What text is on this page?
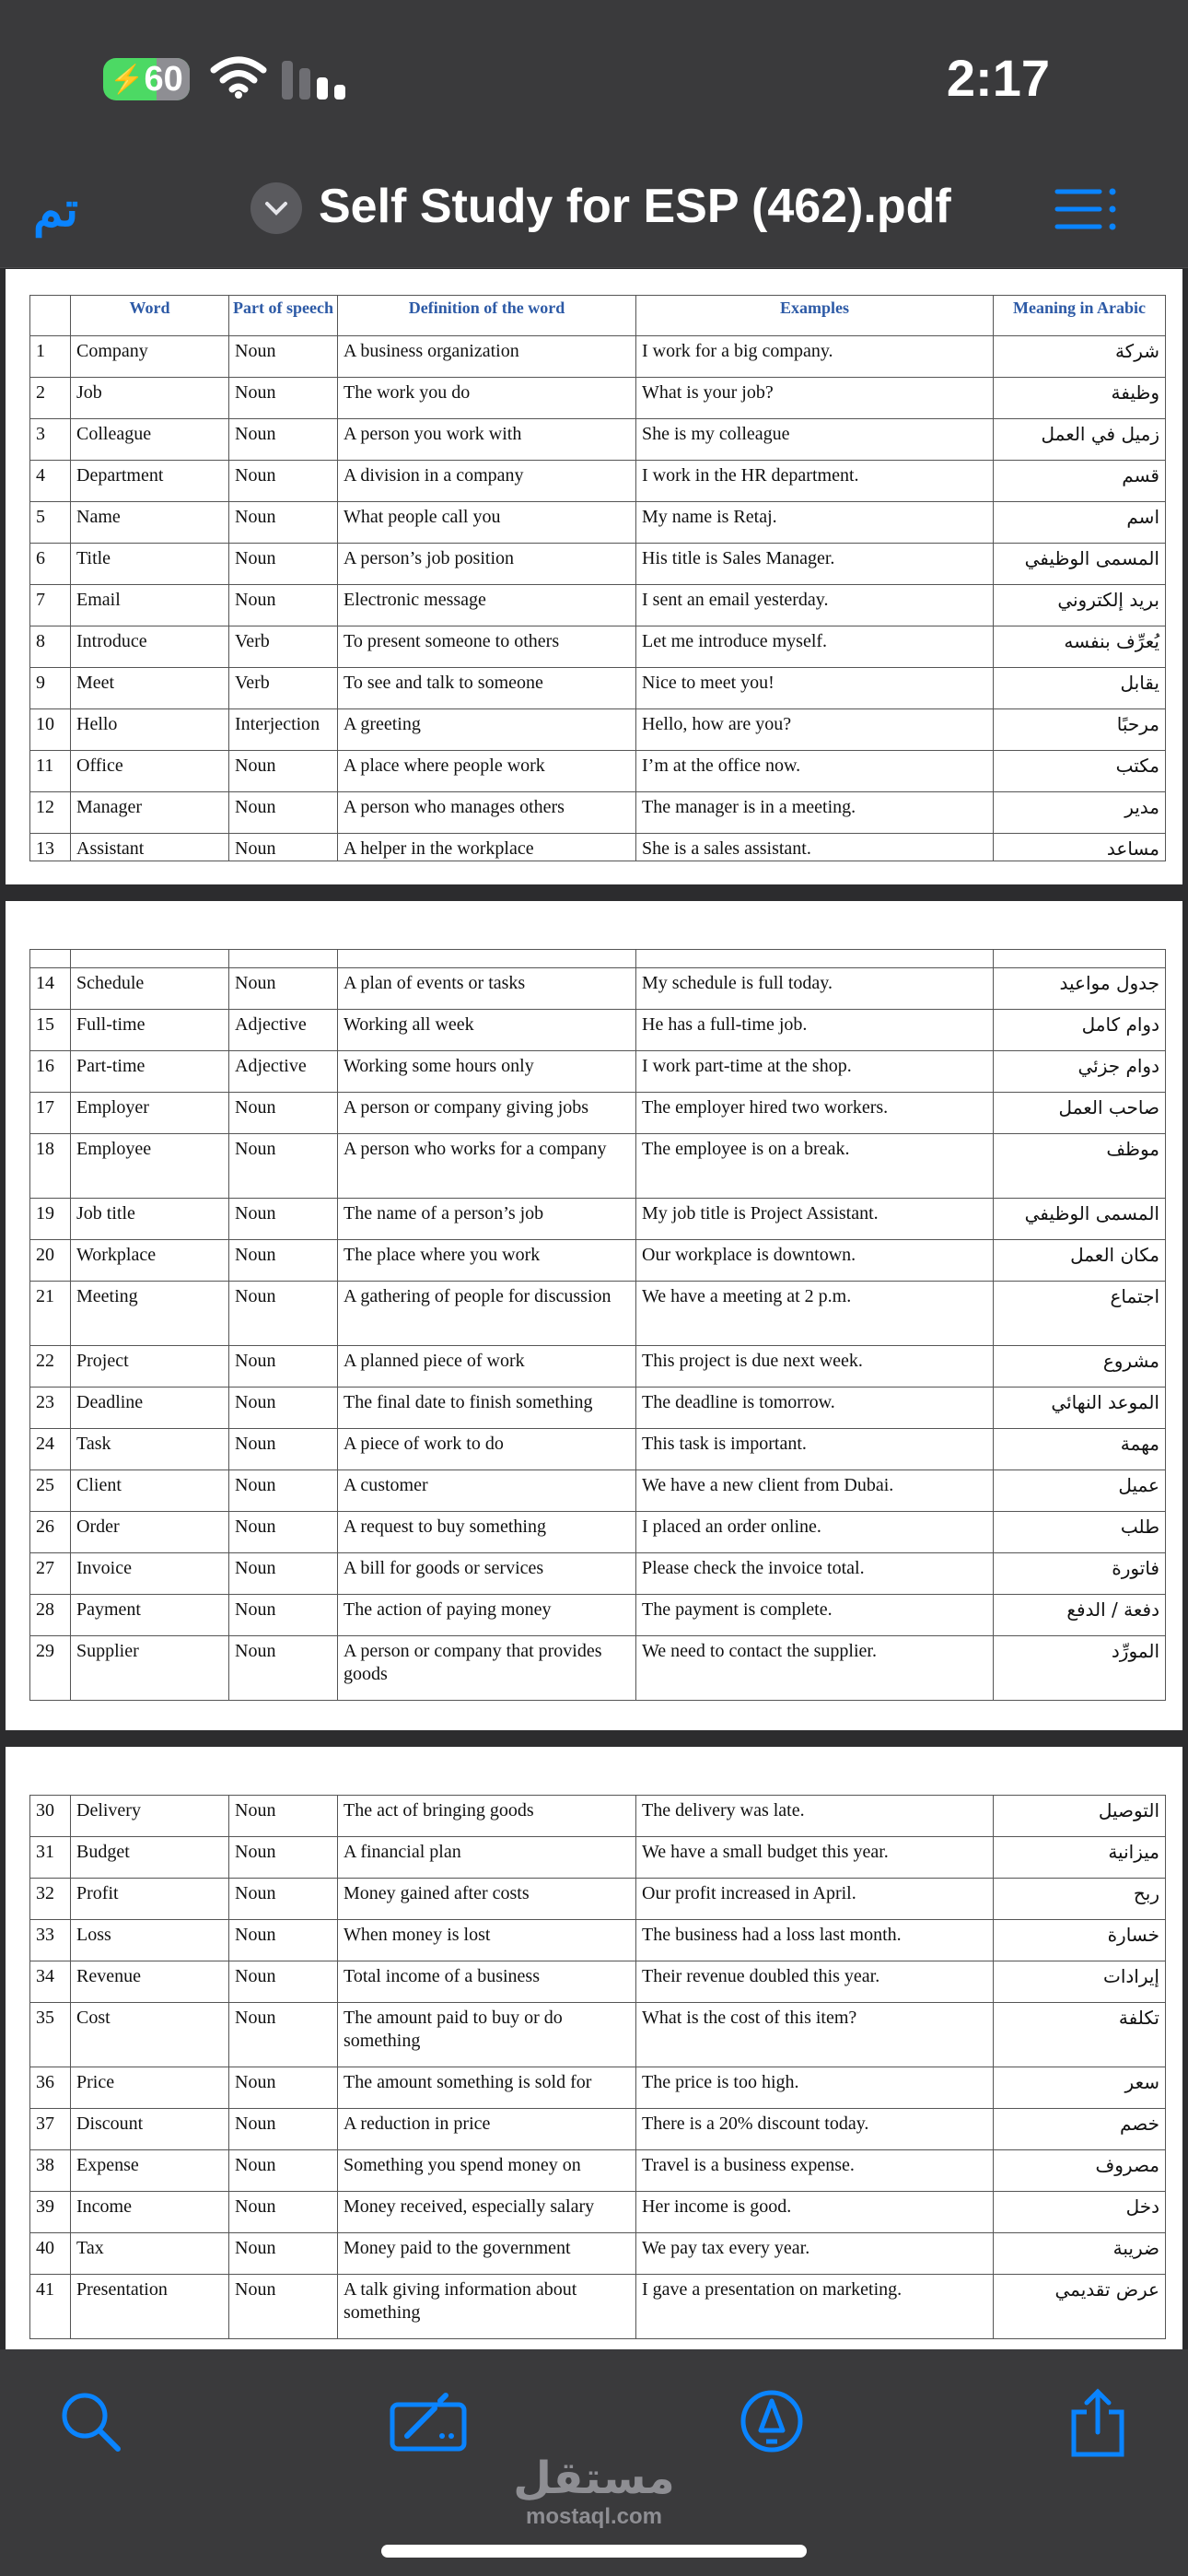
⚡ 60	2:17
تم	Self Study for ESP (462).pdf
	Word	Part of speech	Definition of the word	Examples	Meaning in Arabic
1	Company	Noun	A business organization	I work for a big company.	شركة
2	Job	Noun	The work you do	What is your job?	وظيفة
3	Colleague	Noun	A person you work with	She is my colleague	زميل في العمل
4	Department	Noun	A division in a company	I work in the HR department.	قسم
5	Name	Noun	What people call you	My name is Retaj.	اسم
6	Title	Noun	A person’s job position	His title is Sales Manager.	المسمى الوظيفي
7	Email	Noun	Electronic message	I sent an email yesterday.	بريد إلكتروني
8	Introduce	Verb	To present someone to others	Let me introduce myself.	يُعرِّف بنفسه
9	Meet	Verb	To see and talk to someone	Nice to meet you!	يقابل
10	Hello	Interjection	A greeting	Hello, how are you?	مرحبًا
11	Office	Noun	A place where people work	I’m at the office now.	مكتب
12	Manager	Noun	A person who manages others	The manager is in a meeting.	مدير
13	Assistant	Noun	A helper in the workplace	She is a sales assistant.	مساعد

14	Schedule	Noun	A plan of events or tasks	My schedule is full today.	جدول مواعيد
15	Full-time	Adjective	Working all week	He has a full-time job.	دوام كامل
16	Part-time	Adjective	Working some hours only	I work part-time at the shop.	دوام جزئي
17	Employer	Noun	A person or company giving jobs	The employer hired two workers.	صاحب العمل
18	Employee	Noun	A person who works for a company	The employee is on a break.	موظف
19	Job title	Noun	The name of a person’s job	My job title is Project Assistant.	المسمى الوظيفي
20	Workplace	Noun	The place where you work	Our workplace is downtown.	مكان العمل
21	Meeting	Noun	A gathering of people for discussion	We have a meeting at 2 p.m.	اجتماع
22	Project	Noun	A planned piece of work	This project is due next week.	مشروع
23	Deadline	Noun	The final date to finish something	The deadline is tomorrow.	الموعد النهائي
24	Task	Noun	A piece of work to do	This task is important.	مهمة
25	Client	Noun	A customer	We have a new client from Dubai.	عميل
26	Order	Noun	A request to buy something	I placed an order online.	طلب
27	Invoice	Noun	A bill for goods or services	Please check the invoice total.	فاتورة
28	Payment	Noun	The action of paying money	The payment is complete.	دفعة / الدفع
29	Supplier	Noun	A person or company that provides goods	We need to contact the supplier.	المورِّد
30	Delivery	Noun	The act of bringing goods	The delivery was late.	التوصيل
31	Budget	Noun	A financial plan	We have a small budget this year.	ميزانية
32	Profit	Noun	Money gained after costs	Our profit increased in April.	ربح
33	Loss	Noun	When money is lost	The business had a loss last month.	خسارة
34	Revenue	Noun	Total income of a business	Their revenue doubled this year.	إيرادات
35	Cost	Noun	The amount paid to buy or do something	What is the cost of this item?	تكلفة
36	Price	Noun	The amount something is sold for	The price is too high.	سعر
37	Discount	Noun	A reduction in price	There is a 20% discount today.	خصم
38	Expense	Noun	Something you spend money on	Travel is a business expense.	مصروف
39	Income	Noun	Money received, especially salary	Her income is good.	دخل
40	Tax	Noun	Money paid to the government	We pay tax every year.	ضريبة
41	Presentation	Noun	A talk giving information about something	I gave a presentation on marketing.	عرض تقديمي
مستقل
mostaql.com
